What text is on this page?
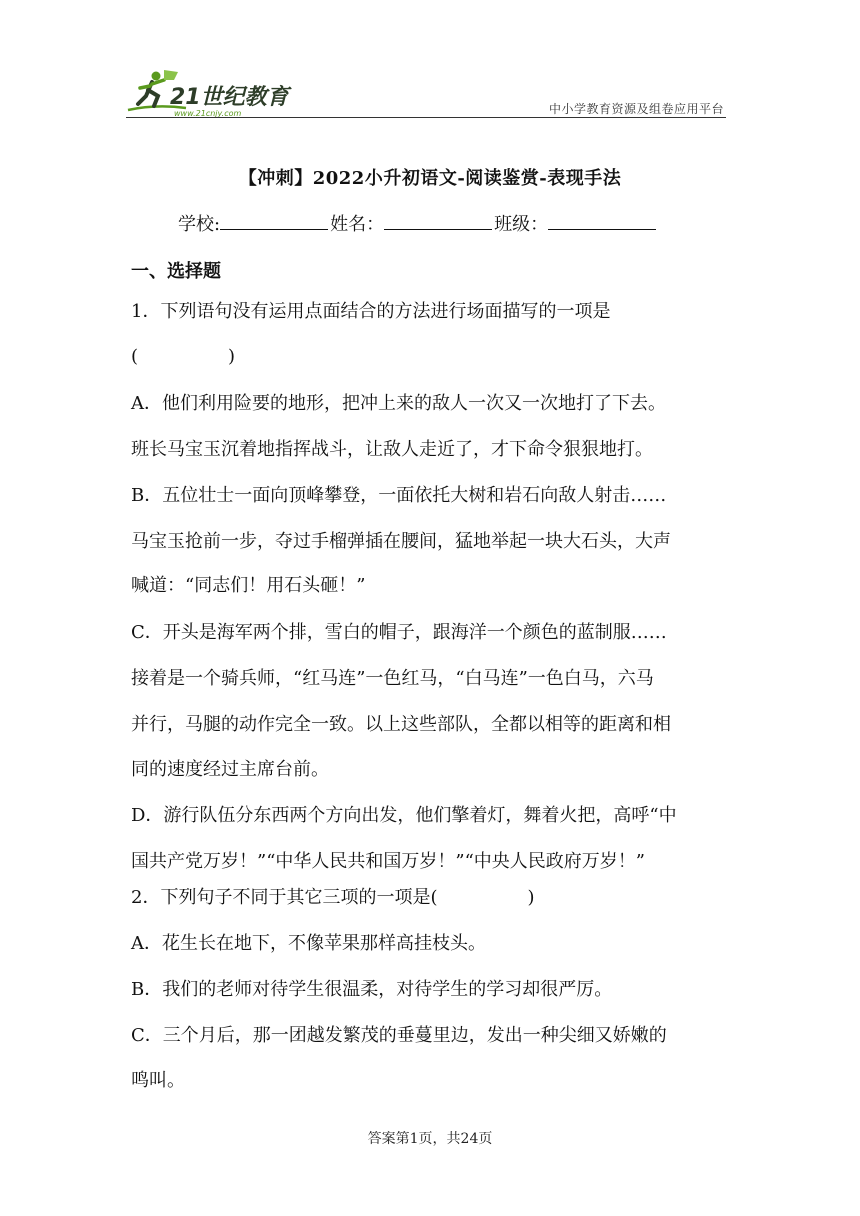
21世纪教育
www.21cnjy.com	中小学教育资源及组卷应用平台
【冲刺】2022小升初语文-阅读鉴赏-表现手法
学校:	姓名：	班级：
一、选择题
1．下列语句没有运用点面结合的方法进行场面描写的一项是
(　　　　　)
A．他们利用险要的地形，把冲上来的敌人一次又一次地打了下去。
班长马宝玉沉着地指挥战斗，让敌人走近了，才下命令狠狠地打。
B．五位壮士一面向顶峰攀登，一面依托大树和岩石向敌人射击……
马宝玉抢前一步，夺过手榴弹插在腰间，猛地举起一块大石头，大声
喊道：“同志们！用石头砸！”
C．开头是海军两个排，雪白的帽子，跟海洋一个颜色的蓝制服……
接着是一个骑兵师，“红马连”一色红马，“白马连”一色白马，六马
并行，马腿的动作完全一致。以上这些部队，全都以相等的距离和相
同的速度经过主席台前。
D．游行队伍分东西两个方向出发，他们擎着灯，舞着火把，高呼“中
国共产党万岁！”“中华人民共和国万岁！”“中央人民政府万岁！”
2．下列句子不同于其它三项的一项是(　　　　　)
A．花生长在地下，不像苹果那样高挂枝头。
B．我们的老师对待学生很温柔，对待学生的学习却很严厉。
C．三个月后，那一团越发繁茂的垂蔓里边，发出一种尖细又娇嫩的
鸣叫。
答案第1页，共24页
